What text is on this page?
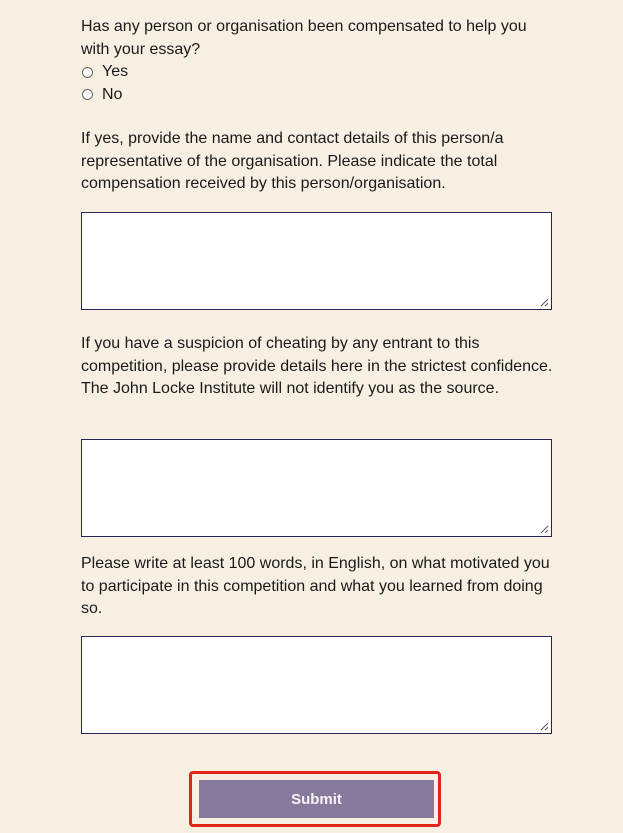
Has any person or organisation been compensated to help you with your essay?

Yes
No

If yes, provide the name and contact details of this person/a representative of the organisation. Please indicate the total compensation received by this person/organisation.

If you have a suspicion of cheating by any entrant to this competition, please provide details here in the strictest confidence. The John Locke Institute will not identify you as the source.

Please write at least 100 words, in English, on what motivated you to participate in this competition and what you learned from doing so.

Submit
